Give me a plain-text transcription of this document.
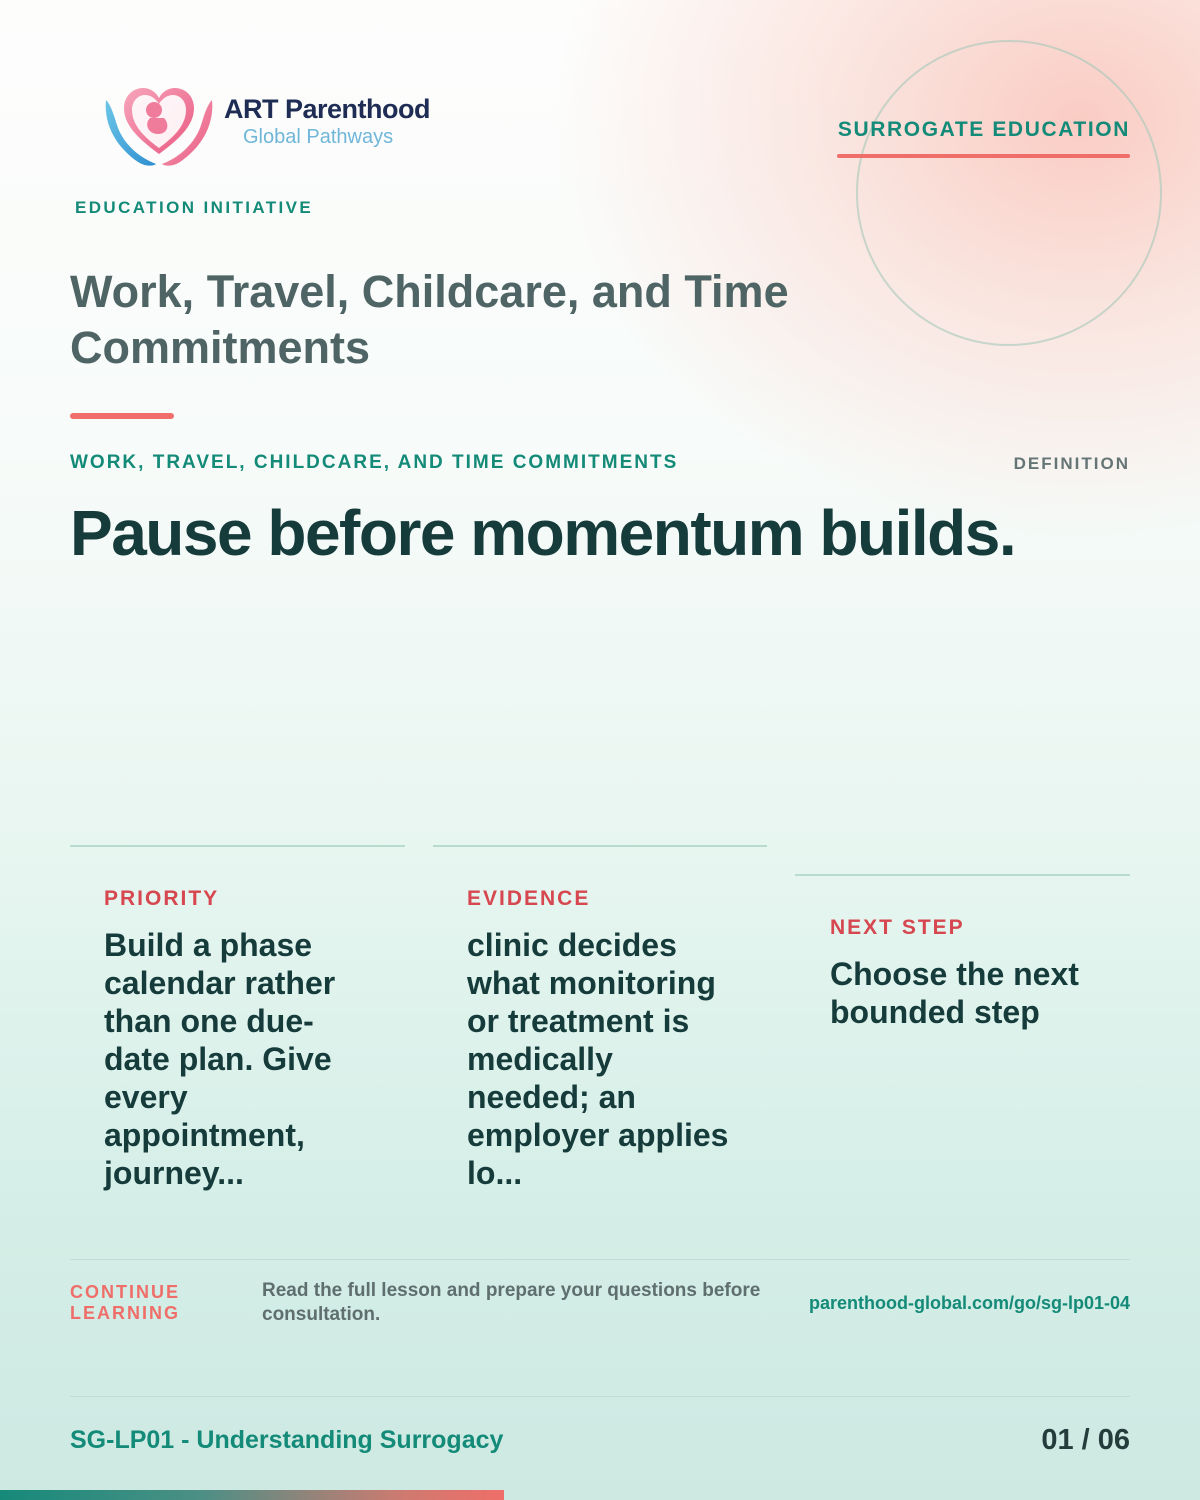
ART Parenthood
Global Pathways
EDUCATION INITIATIVE
SURROGATE EDUCATION
Work, Travel, Childcare, and Time Commitments
WORK, TRAVEL, CHILDCARE, AND TIME COMMITMENTS	DEFINITION
Pause before momentum builds.
PRIORITY
Build a phase calendar rather than one due-date plan. Give every appointment, journey...
EVIDENCE
clinic decides what monitoring or treatment is medically needed; an employer applies lo...
NEXT STEP
Choose the next bounded step
CONTINUE LEARNING
Read the full lesson and prepare your questions before consultation.
parenthood-global.com/go/sg-lp01-04
SG-LP01 - Understanding Surrogacy	01 / 06
